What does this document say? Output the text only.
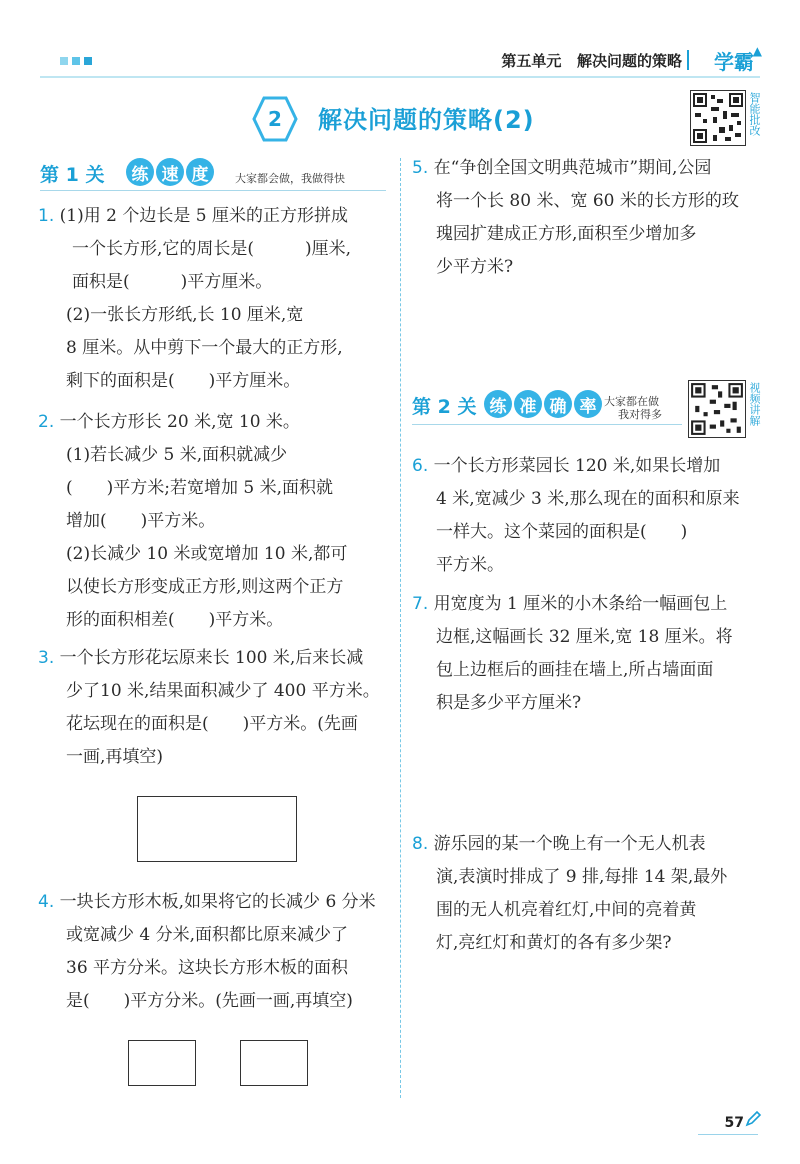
第五单元   解决问题的策略 学霸
▲
2 解决问题的策略(2)	智能批改
第 1 关	练 速 度	大家都会做，我做得快
1. (1)用 2 个边长是 5 厘米的正方形拼成
一个长方形,它的周长是(　　　)厘米,
面积是(　　　)平方厘米。
(2)一张长方形纸,长 10 厘米,宽
8 厘米。从中剪下一个最大的正方形,
剩下的面积是(　　)平方厘米。
2. 一个长方形长 20 米,宽 10 米。
(1)若长减少 5 米,面积就减少
(　　)平方米;若宽增加 5 米,面积就
增加(　　)平方米。
(2)长减少 10 米或宽增加 10 米,都可
以使长方形变成正方形,则这两个正方
形的面积相差(　　)平方米。
3. 一个长方形花坛原来长 100 米,后来长减
少了10 米,结果面积减少了 400 平方米。
花坛现在的面积是(　　)平方米。(先画
一画,再填空)
4. 一块长方形木板,如果将它的长减少 6 分米
或宽减少 4 分米,面积都比原来减少了
36 平方分米。这块长方形木板的面积
是(　　)平方分米。(先画一画,再填空)
5. 在“争创全国文明典范城市”期间,公园
将一个长 80 米、宽 60 米的长方形的玫
瑰园扩建成正方形,面积至少增加多
少平方米?
第 2 关 练 准 确 率 大家都在做
我对得多	视频讲解
6. 一个长方形菜园长 120 米,如果长增加
4 米,宽减少 3 米,那么现在的面积和原来
一样大。这个菜园的面积是(　　)
平方米。
7. 用宽度为 1 厘米的小木条给一幅画包上
边框,这幅画长 32 厘米,宽 18 厘米。将
包上边框后的画挂在墙上,所占墙面面
积是多少平方厘米?
8. 游乐园的某一个晚上有一个无人机表
演,表演时排成了 9 排,每排 14 架,最外
围的无人机亮着红灯,中间的亮着黄
灯,亮红灯和黄灯的各有多少架?
57
